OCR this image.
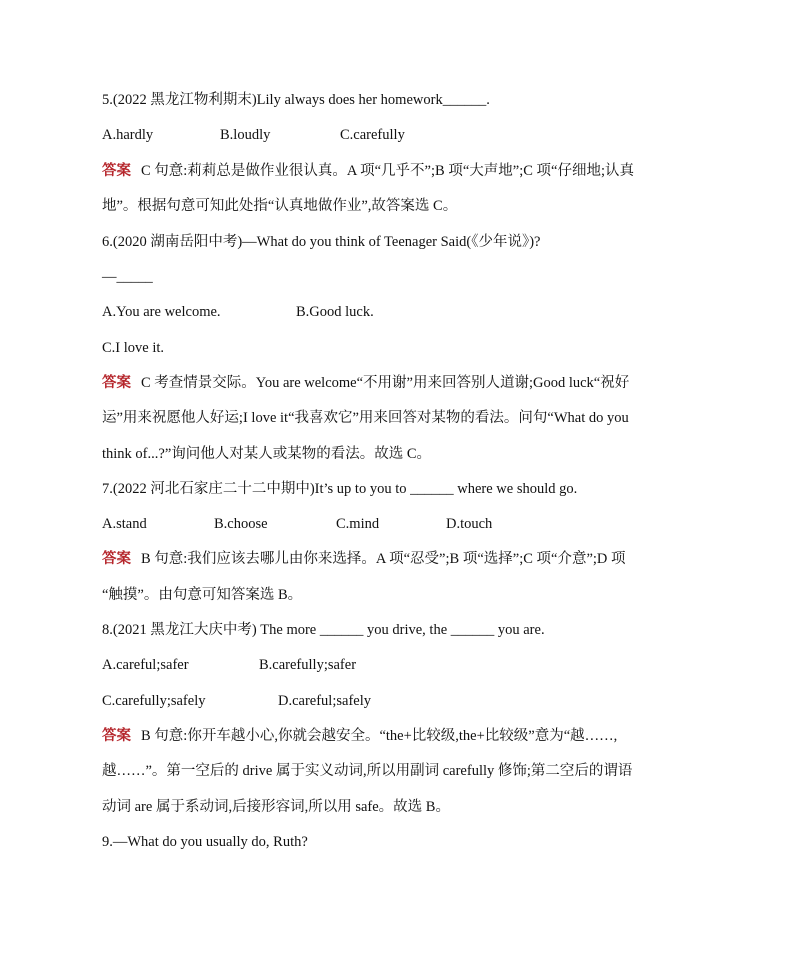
5.(2022 黑龙江物利期末)Lily always does her homework______.
A.hardly	B.loudly	C.carefully
答案 C 句意:莉莉总是做作业很认真。A 项“几乎不”;B 项“大声地”;C 项“仔细地;认真
地”。根据句意可知此处指“认真地做作业”,故答案选 C。
6.(2020 湖南岳阳中考)—What do you think of Teenager Said(《少年说》)?
—_____
A.You are welcome.	B.Good luck.
C.I love it.
答案 C 考查情景交际。You are welcome“不用谢”用来回答别人道谢;Good luck“祝好
运”用来祝愿他人好运;I love it“我喜欢它”用来回答对某物的看法。问句“What do you
think of...?”询问他人对某人或某物的看法。故选 C。
7.(2022 河北石家庄二十二中期中)It’s up to you to ______ where we should go.
A.stand	B.choose	C.mind	D.touch
答案 B 句意:我们应该去哪儿由你来选择。A 项“忍受”;B 项“选择”;C 项“介意”;D 项
“触摸”。由句意可知答案选 B。
8.(2021 黑龙江大庆中考) The more ______ you drive, the ______ you are.
A.careful;safer	B.carefully;safer
C.carefully;safely	D.careful;safely
答案 B 句意:你开车越小心,你就会越安全。“the+比较级,the+比较级”意为“越……,
越……”。第一空后的 drive 属于实义动词,所以用副词 carefully 修饰;第二空后的谓语
动词 are 属于系动词,后接形容词,所以用 safe。故选 B。
9.—What do you usually do, Ruth?
